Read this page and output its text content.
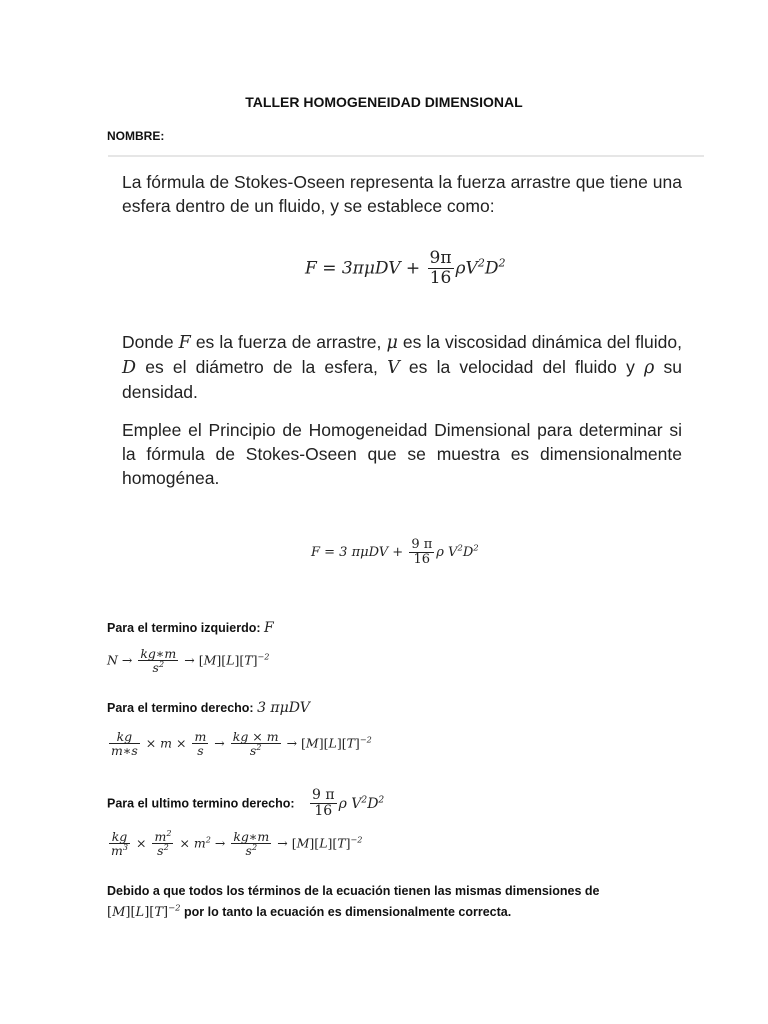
TALLER HOMOGENEIDAD DIMENSIONAL
NOMBRE:
La fórmula de Stokes-Oseen representa la fuerza arrastre que tiene una esfera dentro de un fluido, y se establece como:
$F = 3\pi\mu DV + \frac{9\pi}{16} \rho V^2D^2$
Donde F es la fuerza de arrastre, μ es la viscosidad dinámica del fluido, D es el diámetro de la esfera, V es la velocidad del fluido y ρ su densidad.
Emplee el Principio de Homogeneidad Dimensional para determinar si la fórmula de Stokes-Oseen que se muestra es dimensionalmente homogénea.
F = 3 $\pi\mu DV + \frac{9 \pi}{16}$ ρ $V^2D^2$
Para el termino izquierdo: F
$N \to \frac{kg∗m}{s^2} \to [M][L][T]^{-2}$
Para el termino derecho: 3 πμDV
$\frac{kg}{m∗s} \times m \times \frac{m}{s} \to \frac{kg \times m}{s^2} \to [M][L][T]^{-2}$
Para el ultimo termino derecho: $\frac{9 \pi}{16}$ ρ $V^2D^2$
$\frac{kg}{m^3} \times \frac{m^2}{s^2} \times m^2 \to \frac{kg∗m}{s^2} \to [M][L][T]^{-2}$
Debido a que todos los términos de la ecuación tienen las mismas dimensiones de
$[M][L][T]^{-2}$ por lo tanto la ecuación es dimensionalmente correcta.
